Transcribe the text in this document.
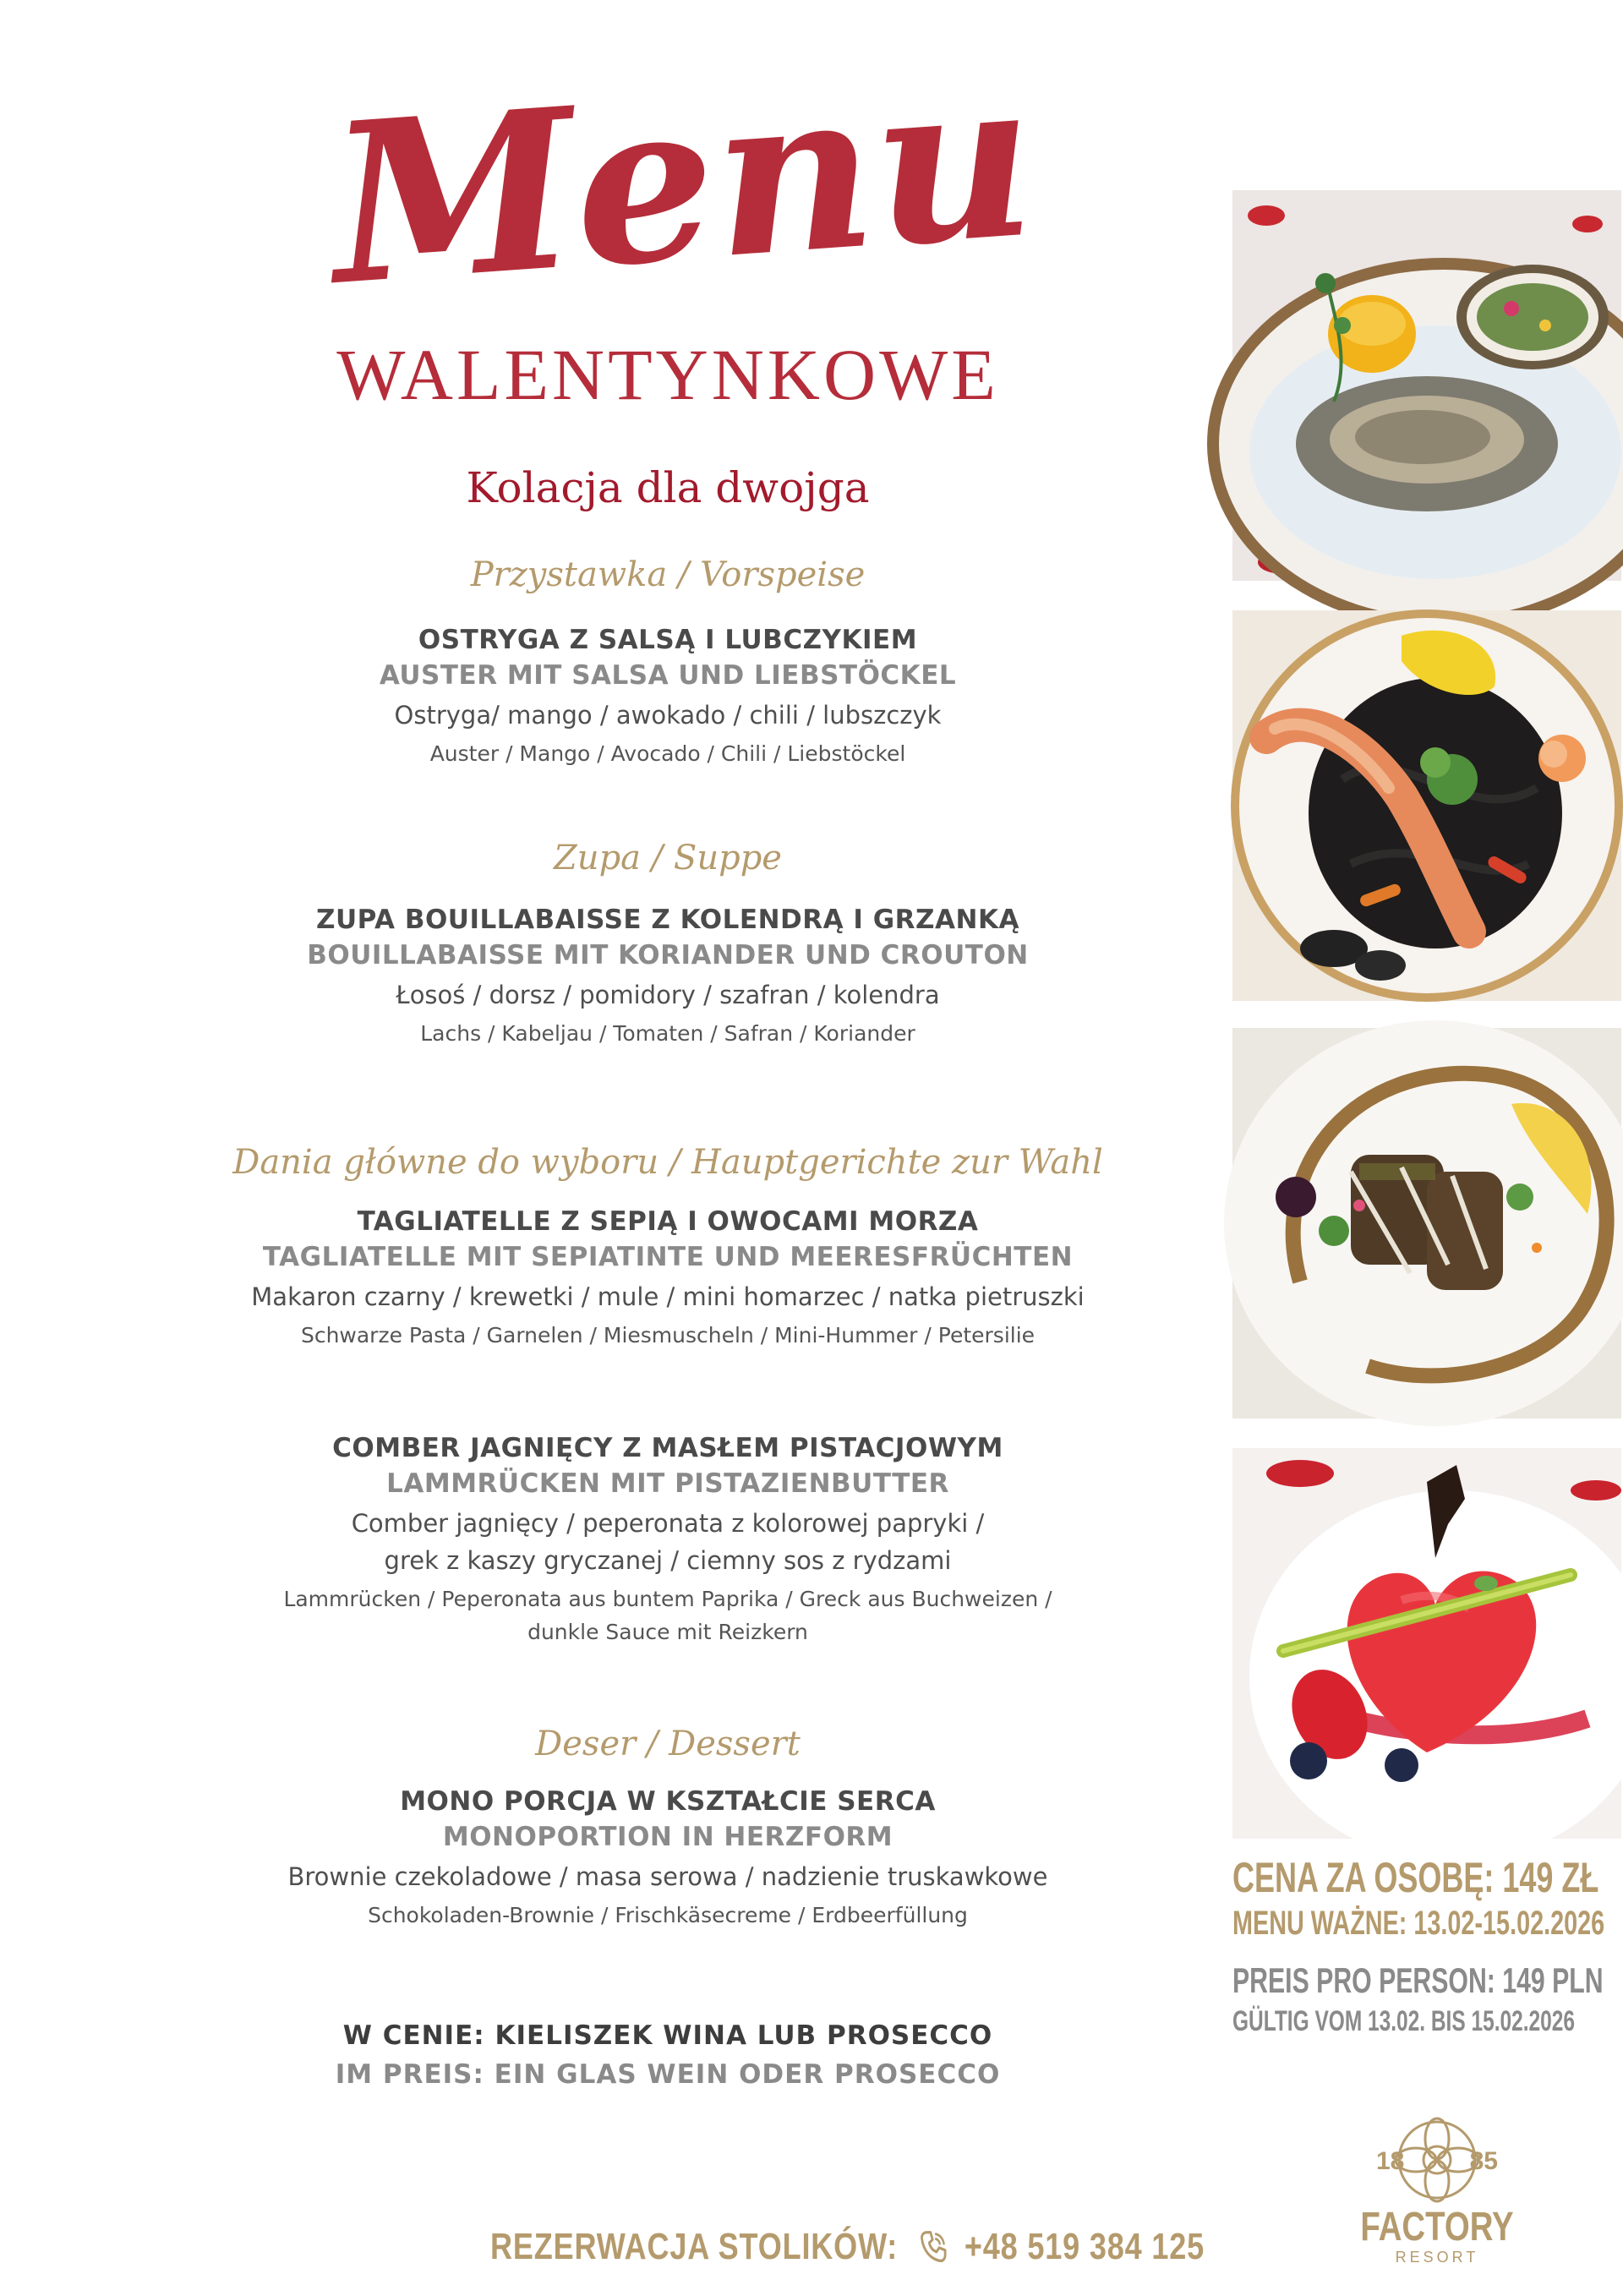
Menu
WALENTYNKOWE
Kolacja dla dwojga
Przystawka / Vorspeise
OSTRYGA Z SALSĄ I LUBCZYKIEM
AUSTER MIT SALSA UND LIEBSTÖCKEL
Ostryga/ mango / awokado / chili / lubszczyk
Auster / Mango / Avocado / Chili / Liebstöckel
Zupa / Suppe
ZUPA BOUILLABAISSE Z KOLENDRĄ I GRZANKĄ
BOUILLABAISSE MIT KORIANDER UND CROUTON
Łosoś / dorsz / pomidory / szafran / kolendra
Lachs / Kabeljau / Tomaten / Safran / Koriander
Dania główne do wyboru / Hauptgerichte zur Wahl
TAGLIATELLE Z SEPIĄ I OWOCAMI MORZA
TAGLIATELLE MIT SEPIATINTE UND MEERESFRÜCHTEN
Makaron czarny / krewetki / mule / mini homarzec / natka pietruszki
Schwarze Pasta / Garnelen / Miesmuscheln / Mini-Hummer / Petersilie
COMBER JAGNIĘCY Z MASŁEM PISTACJOWYM
LAMMRÜCKEN MIT PISTAZIENBUTTER
Comber jagnięcy / peperonata z kolorowej papryki /
grek z kaszy gryczanej / ciemny sos z rydzami
Lammrücken / Peperonata aus buntem Paprika / Greck aus Buchweizen /
dunkle Sauce mit Reizkern
Deser / Dessert
MONO PORCJA W KSZTAŁCIE SERCA
MONOPORTION IN HERZFORM
Brownie czekoladowe / masa serowa / nadzienie truskawkowe
Schokoladen-Brownie / Frischkäsecreme / Erdbeerfüllung
W CENIE: KIELISZEK WINA LUB PROSECCO
IM PREIS: EIN GLAS WEIN ODER PROSECCO
REZERWACJA STOLIKÓW: +48 519 384 125
CENA ZA OSOBĘ: 149 ZŁ
MENU WAŻNE: 13.02-15.02.2026
PREIS PRO PERSON: 149 PLN
GÜLTIG VOM 13.02. BIS 15.02.2026
18	85
FACTORY
RESORT
